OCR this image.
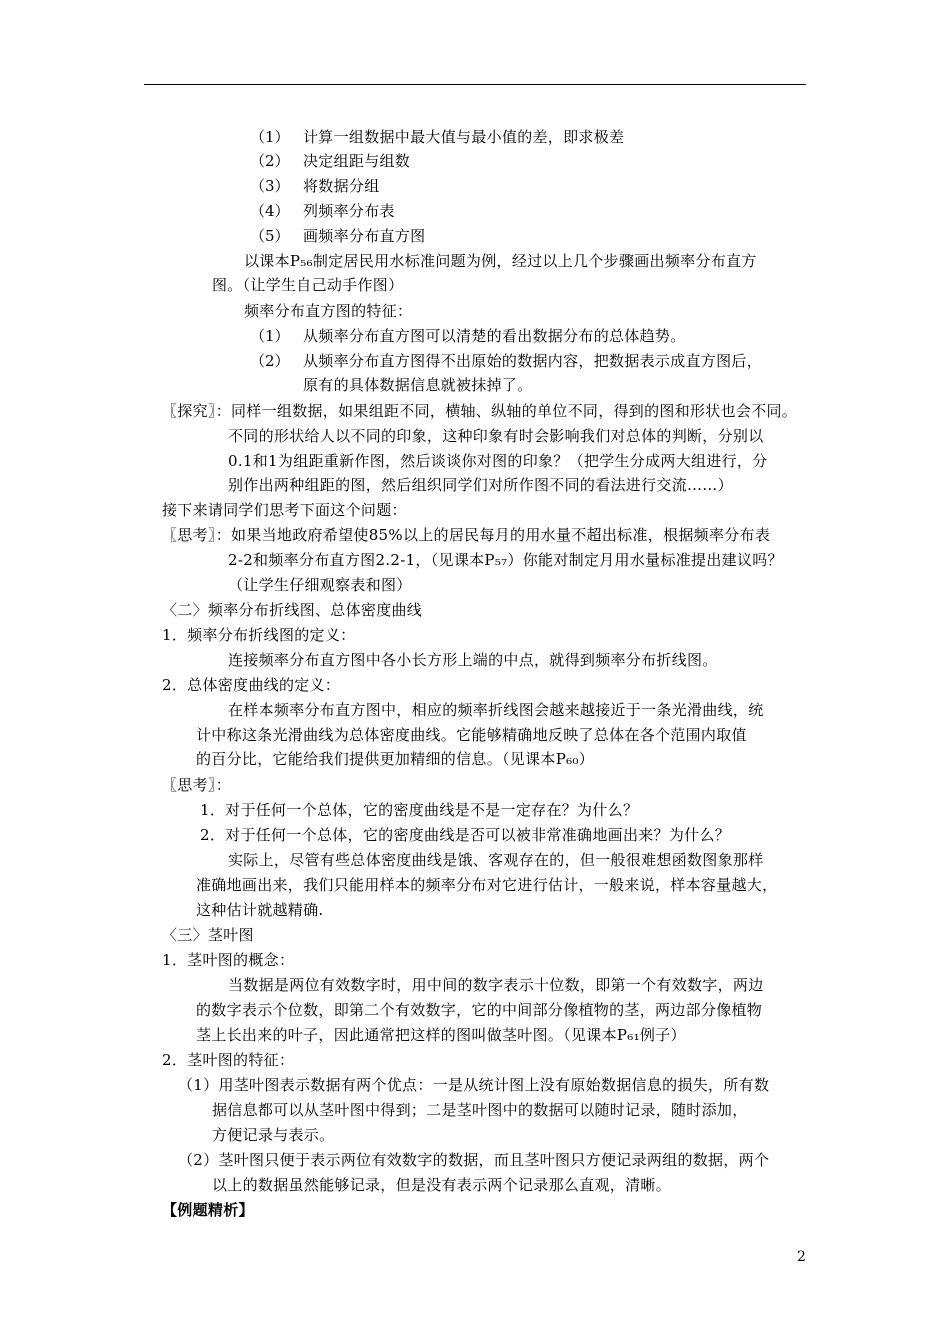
（1） 计算一组数据中最大值与最小值的差，即求极差
（2） 决定组距与组数
（3） 将数据分组
（4） 列频率分布表
（5） 画频率分布直方图
以课本P₅₆制定居民用水标准问题为例，经过以上几个步骤画出频率分布直方
图。（让学生自己动手作图）
频率分布直方图的特征：
（1） 从频率分布直方图可以清楚的看出数据分布的总体趋势。
（2） 从频率分布直方图得不出原始的数据内容，把数据表示成直方图后，
原有的具体数据信息就被抹掉了。
〖探究〗：同样一组数据，如果组距不同，横轴、纵轴的单位不同，得到的图和形状也会不同。
不同的形状给人以不同的印象，这种印象有时会影响我们对总体的判断，分别以
0.1和1为组距重新作图，然后谈谈你对图的印象？（把学生分成两大组进行，分
别作出两种组距的图，然后组织同学们对所作图不同的看法进行交流……）
接下来请同学们思考下面这个问题：
〖思考〗：如果当地政府希望使85%以上的居民每月的用水量不超出标准，根据频率分布表
2-2和频率分布直方图2.2-1，（见课本P₅₇）你能对制定月用水量标准提出建议吗？
（让学生仔细观察表和图）
〈二〉频率分布折线图、总体密度曲线
1．频率分布折线图的定义：
连接频率分布直方图中各小长方形上端的中点，就得到频率分布折线图。
2．总体密度曲线的定义：
在样本频率分布直方图中，相应的频率折线图会越来越接近于一条光滑曲线，统
计中称这条光滑曲线为总体密度曲线。它能够精确地反映了总体在各个范围内取值
的百分比，它能给我们提供更加精细的信息。（见课本P₆₀）
〖思考〗：
1．对于任何一个总体，它的密度曲线是不是一定存在？为什么？
2．对于任何一个总体，它的密度曲线是否可以被非常准确地画出来？为什么？
实际上，尽管有些总体密度曲线是饿、客观存在的，但一般很难想函数图象那样
准确地画出来，我们只能用样本的频率分布对它进行估计，一般来说，样本容量越大，
这种估计就越精确.
〈三〉茎叶图
1．茎叶图的概念：
当数据是两位有效数字时，用中间的数字表示十位数，即第一个有效数字，两边
的数字表示个位数，即第二个有效数字，它的中间部分像植物的茎，两边部分像植物
茎上长出来的叶子，因此通常把这样的图叫做茎叶图。（见课本P₆₁例子）
2．茎叶图的特征：
（1）用茎叶图表示数据有两个优点：一是从统计图上没有原始数据信息的损失，所有数
据信息都可以从茎叶图中得到；二是茎叶图中的数据可以随时记录，随时添加，
方便记录与表示。
（2）茎叶图只便于表示两位有效数字的数据，而且茎叶图只方便记录两组的数据，两个
以上的数据虽然能够记录，但是没有表示两个记录那么直观，清晰。
【例题精析】
2
